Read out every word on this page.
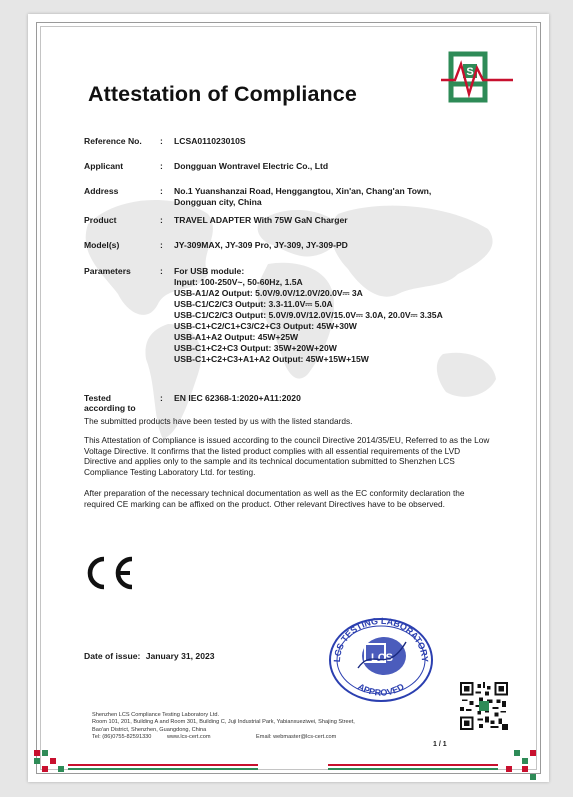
Attestation of Compliance
S
Reference No.	: LCSA011023010S
Applicant	: Dongguan Wontravel Electric Co., Ltd
Address	: No.1 Yuanshanzai Road, Henggangtou, Xin'an, Chang'an Town,
Dongguan city, China
Product	: TRAVEL ADAPTER With 75W GaN Charger
Model(s)	: JY-309MAX, JY-309 Pro, JY-309, JY-309-PD
Parameters	: For USB module:
Input: 100-250V~, 50-60Hz, 1.5A
USB-A1/A2 Output: 5.0V/9.0V/12.0V/20.0V⎓ 3A
USB-C1/C2/C3 Output: 3.3-11.0V⎓ 5.0A
USB-C1/C2/C3 Output: 5.0V/9.0V/12.0V/15.0V⎓ 3.0A, 20.0V⎓ 3.35A
USB-C1+C2/C1+C3/C2+C3 Output: 45W+30W
USB-A1+A2 Output: 45W+25W
USB-C1+C2+C3 Output: 35W+20W+20W
USB-C1+C2+C3+A1+A2 Output: 45W+15W+15W
Tested
according to
: EN IEC 62368-1:2020+A11:2020
The submitted products have been tested by us with the listed standards.
This Attestation of Compliance is issued according to the council Directive 2014/35/EU, Referred to as the Low Voltage Directive. It confirms that the listed product complies with all essential requirements of the LVD Directive and applies only to the sample and its technical documentation submitted to Shenzhen LCS Compliance Testing Laboratory Ltd. for testing.
After preparation of the necessary technical documentation as well as the EC conformity declaration the required CE marking can be affixed on the product. Other relevant Directives have to be observed.
Date of issue: January 31, 2023	LCS TESTING LABORATORY
APPROVED
LCS
Shenzhen LCS Compliance Testing Laboratory Ltd.
Room 101, 201, Building A and Room 301, Building C, Juji Industrial Park, Yabianxueziwei, Shajing Street,
Bao'an District, Shenzhen, Guangdong, China
Tel: (86)0755-82591330	www.lcs-cert.com	Email: webmaster@lcs-cert.com
1 / 1
